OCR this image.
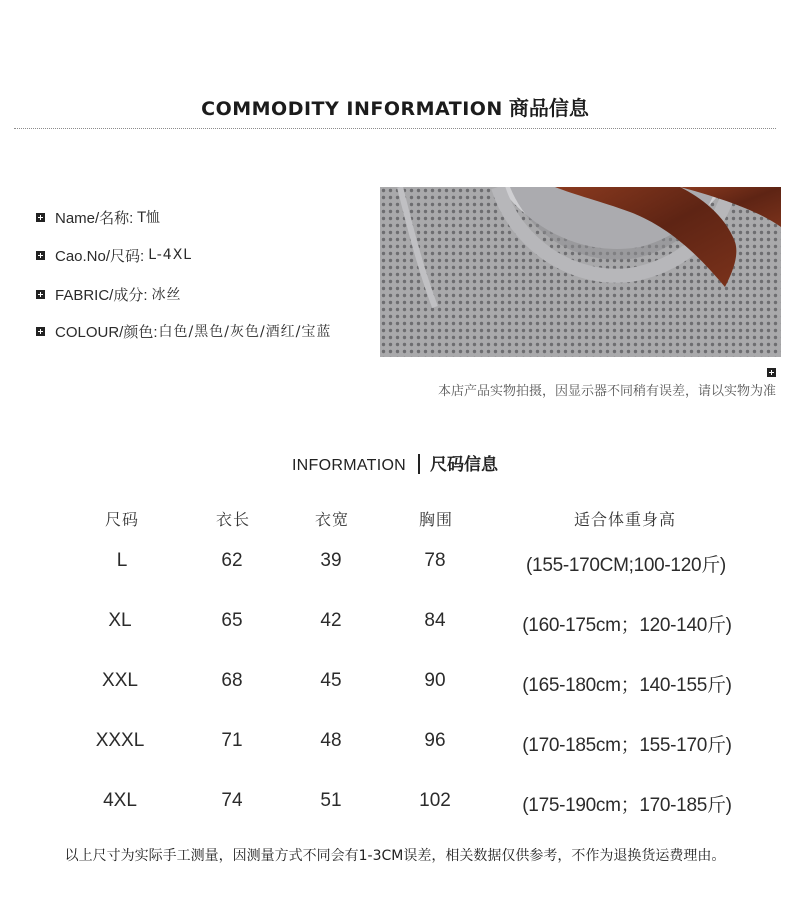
COMMODITY INFORMATION 商品信息
Name/名称: T恤
Cao.No/尺码: L-4XL
FABRIC/成分: 冰丝
COLOUR/颜色: 白色/黑色/灰色/酒红/宝蓝
本店产品实物拍摄，因显示器不同稍有误差，请以实物为准
INFORMATION 尺码信息
尺码	衣长	衣宽	胸围	适合体重身高
L	62	39	78	(155-170CM;100-120斤)
XL	65	42	84	(160-175cm；120-140斤)
XXL	68	45	90	(165-180cm；140-155斤)
XXXL	71	48	96	(170-185cm；155-170斤)
4XL	74	51	102	(175-190cm；170-185斤)
以上尺寸为实际手工测量，因测量方式不同会有1-3CM误差，相关数据仅供参考，不作为退换货运费理由。
